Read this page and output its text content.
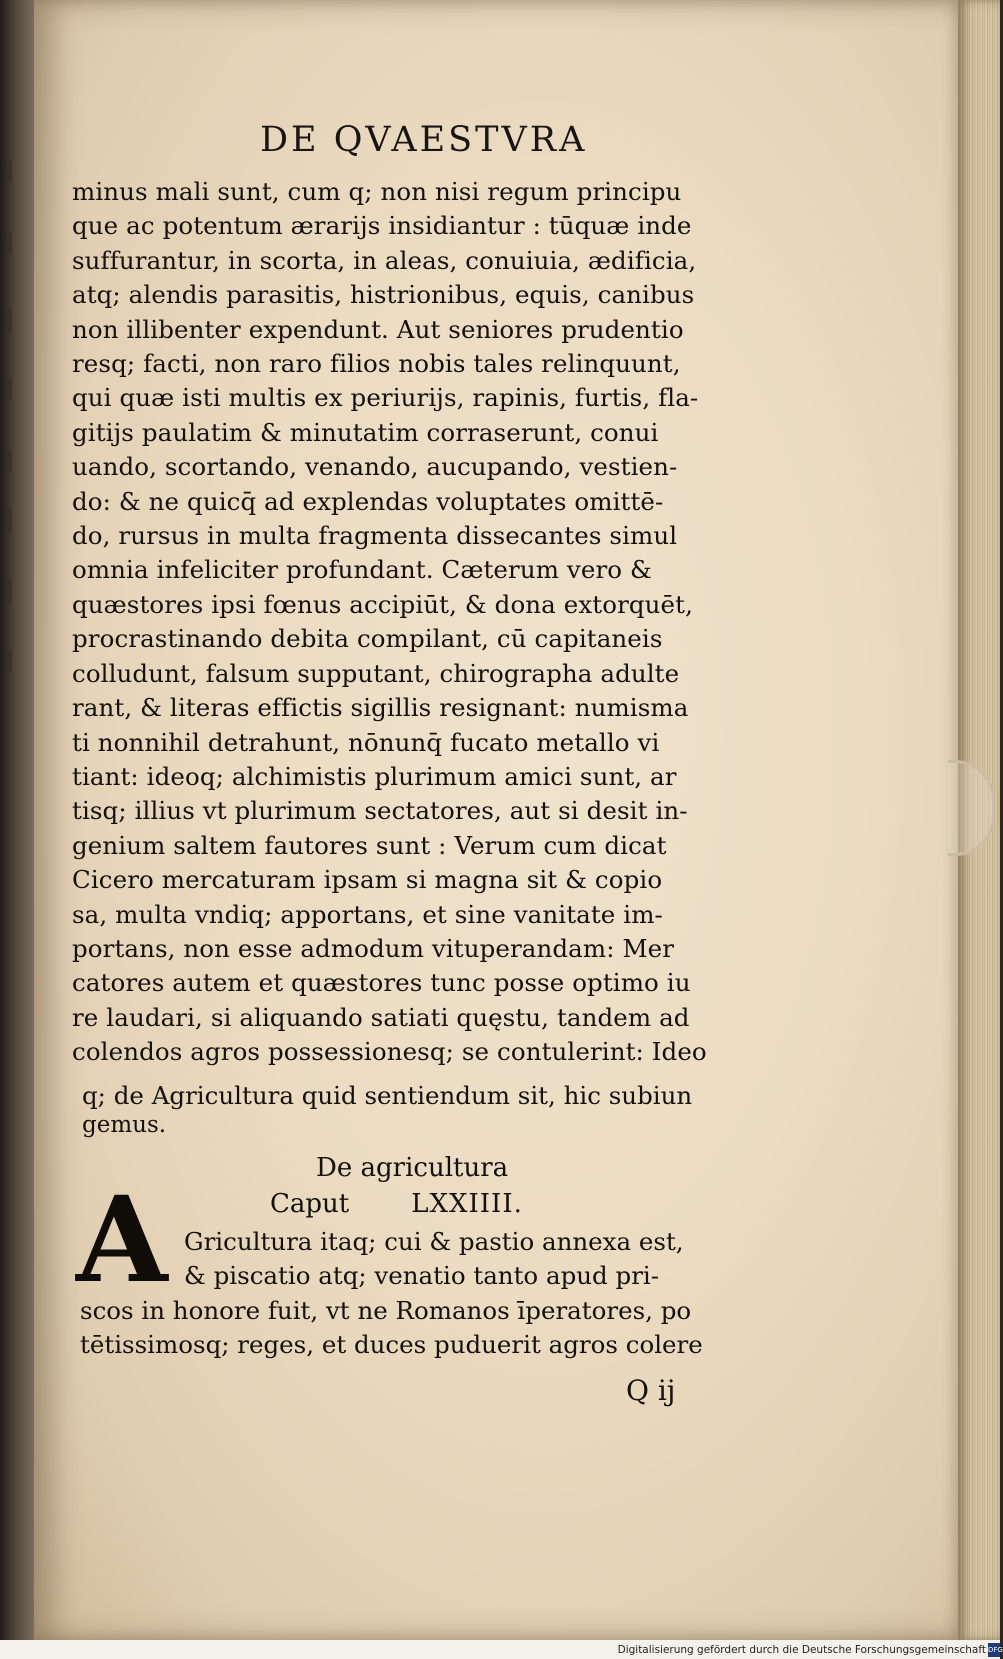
DE QVAESTVRA
minus mali sunt, cum q; non nisi regum principu
que ac potentum ærarijs insidiantur : tūquæ inde
suffurantur, in scorta, in aleas, conuiuia, ædificia,
atq; alendis parasitis, histrionibus, equis, canibus
non illibenter expendunt. Aut seniores prudentio
resq; facti, non raro filios nobis tales relinquunt,
qui quæ isti multis ex periurijs, rapinis, furtis, fla-
gitijs paulatim & minutatim corraserunt, conui
uando, scortando, venando, aucupando, vestien-
do: & ne quicq̄ ad explendas voluptates omittē-
do, rursus in multa fragmenta dissecantes simul
omnia infeliciter profundant. Cæterum vero &
quæstores ipsi fœnus accipiūt, & dona extorquēt,
procrastinando debita compilant, cū capitaneis
colludunt, falsum supputant, chirographa adulte
rant, & literas effictis sigillis resignant: numisma
ti nonnihil detrahunt, nōnunq̄ fucato metallo vi
tiant: ideoq; alchimistis plurimum amici sunt, ar
tisq; illius vt plurimum sectatores, aut si desit in-
genium saltem fautores sunt : Verum cum dicat
Cicero mercaturam ipsam si magna sit & copio
sa, multa vndiq; apportans, et sine vanitate im-
portans, non esse admodum vituperandam: Mer
catores autem et quæstores tunc posse optimo iu
re laudari, si aliquando satiati quęstu, tandem ad
colendos agros possessionesq; se contulerint: Ideo
q; de Agricultura quid sentiendum sit, hic subiun
gemus.
De agricultura
Caput LXXIIII.
A Gricultura itaq; cui & pastio annexa est,
& piscatio atq; venatio tanto apud pri-
scos in honore fuit, vt ne Romanos īperatores, po
tētissimosq; reges, et duces puduerit agros colere
Q ij
Digitalisierung gefördert durch die Deutsche Forschungsgemeinschaft DFG
